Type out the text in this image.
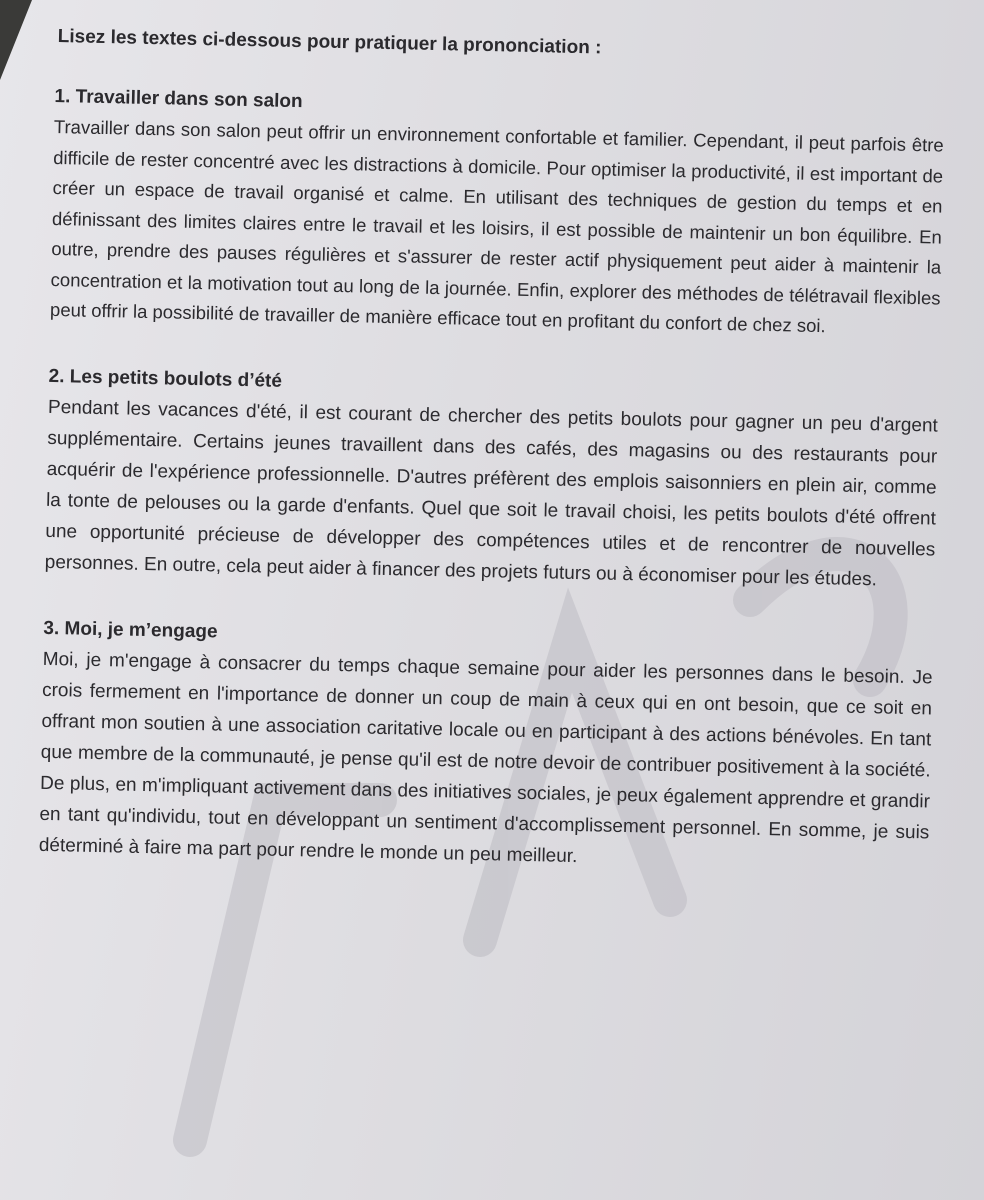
Lisez les textes ci-dessous pour pratiquer la prononciation :
1. Travailler dans son salon

Travailler dans son salon peut offrir un environnement confortable et familier. Cependant, il peut parfois être difficile de rester concentré avec les distractions à domicile. Pour optimiser la productivité, il est important de créer un espace de travail organisé et calme. En utilisant des techniques de gestion du temps et en définissant des limites claires entre le travail et les loisirs, il est possible de maintenir un bon équilibre. En outre, prendre des pauses régulières et s'assurer de rester actif physiquement peut aider à maintenir la concentration et la motivation tout au long de la journée. Enfin, explorer des méthodes de télétravail flexibles peut offrir la possibilité de travailler de manière efficace tout en profitant du confort de chez soi.

2. Les petits boulots d’été

Pendant les vacances d'été, il est courant de chercher des petits boulots pour gagner un peu d'argent supplémentaire. Certains jeunes travaillent dans des cafés, des magasins ou des restaurants pour acquérir de l'expérience professionnelle. D'autres préfèrent des emplois saisonniers en plein air, comme la tonte de pelouses ou la garde d'enfants. Quel que soit le travail choisi, les petits boulots d'été offrent une opportunité précieuse de développer des compétences utiles et de rencontrer de nouvelles personnes. En outre, cela peut aider à financer des projets futurs ou à économiser pour les études.

3. Moi, je m’engage

Moi, je m'engage à consacrer du temps chaque semaine pour aider les personnes dans le besoin. Je crois fermement en l'importance de donner un coup de main à ceux qui en ont besoin, que ce soit en offrant mon soutien à une association caritative locale ou en participant à des actions bénévoles. En tant que membre de la communauté, je pense qu'il est de notre devoir de contribuer positivement à la société. De plus, en m'impliquant activement dans des initiatives sociales, je peux également apprendre et grandir en tant qu'individu, tout en développant un sentiment d'accomplissement personnel. En somme, je suis déterminé à faire ma part pour rendre le monde un peu meilleur.
